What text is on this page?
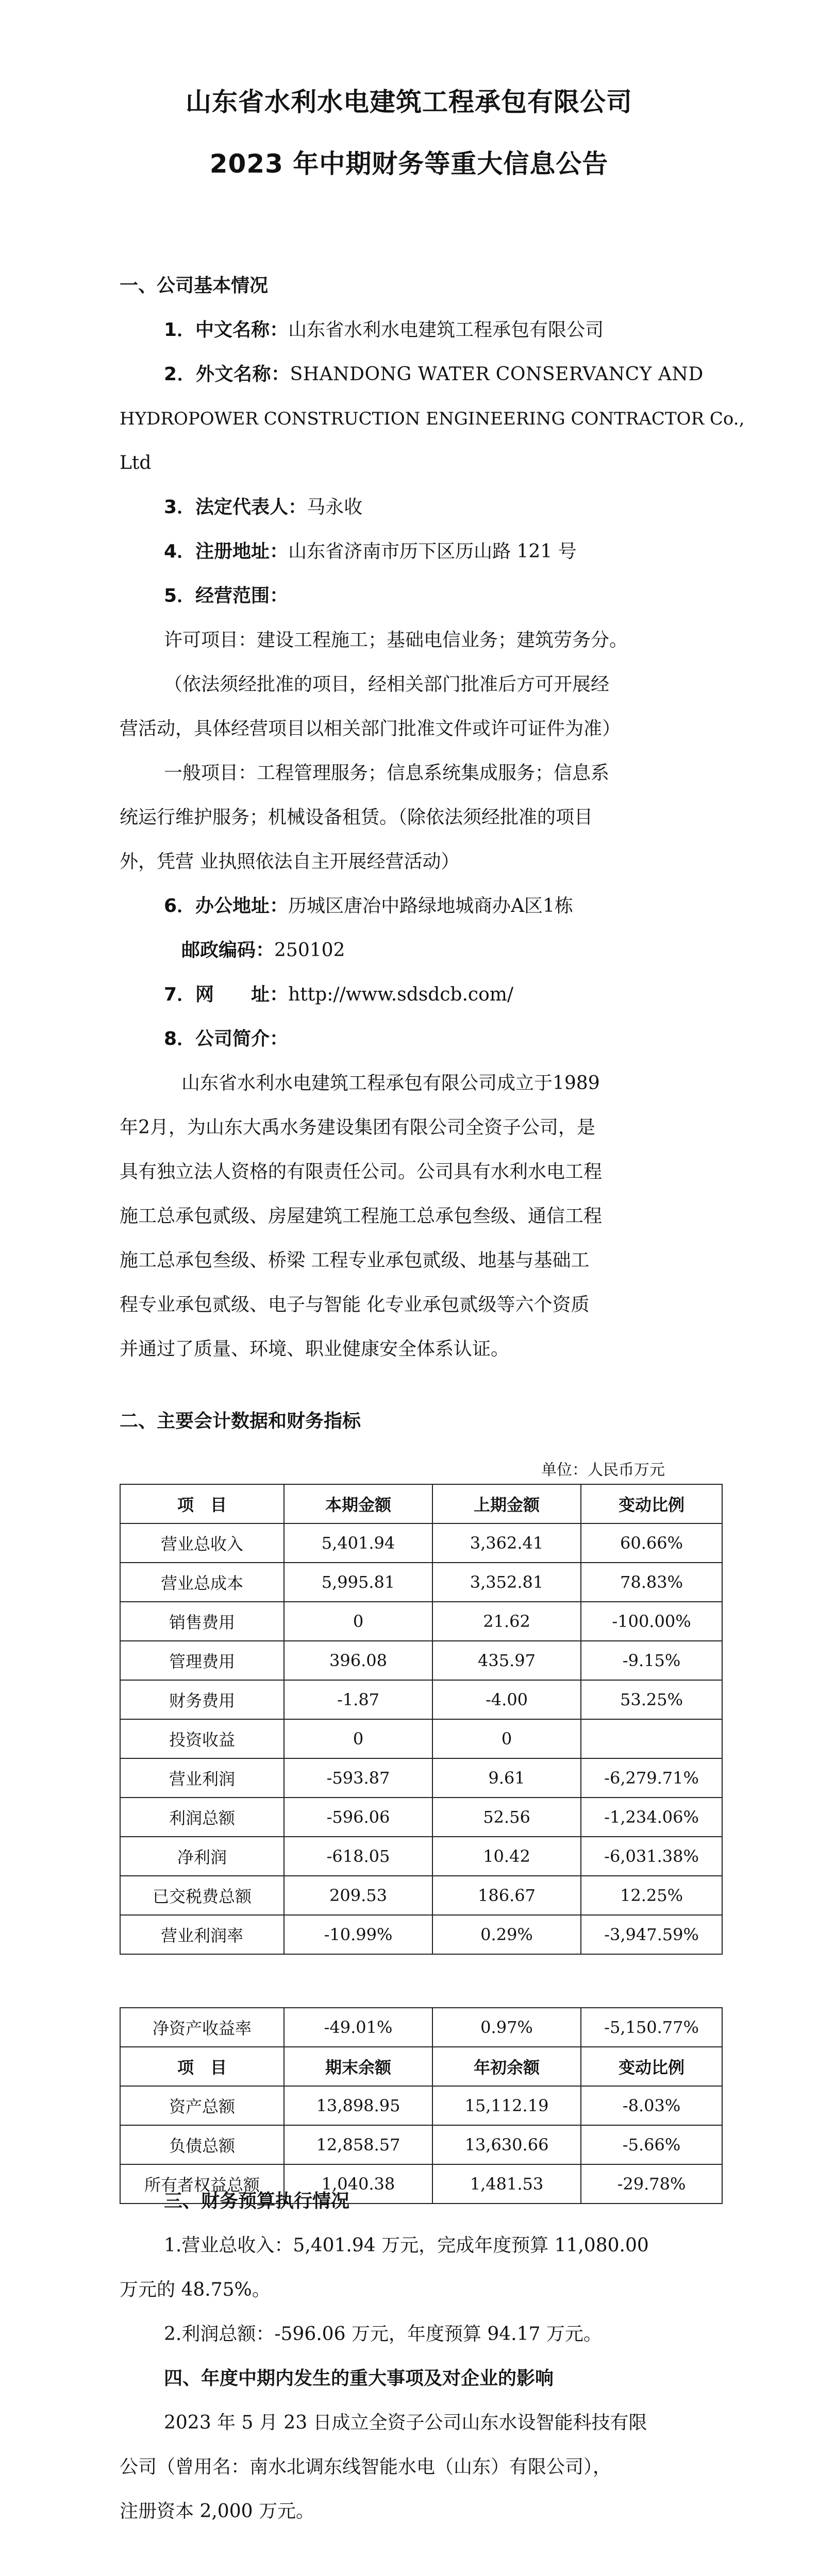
山东省水利水电建筑工程承包有限公司
2023 年中期财务等重大信息公告
一、公司基本情况
1．中文名称：山东省水利水电建筑工程承包有限公司
2．外文名称：SHANDONG WATER CONSERVANCY AND
HYDROPOWER CONSTRUCTION ENGINEERING CONTRACTOR Co.,
Ltd
3．法定代表人：马永收
4．注册地址：山东省济南市历下区历山路 121 号
5．经营范围：
许可项目：建设工程施工；基础电信业务；建筑劳务分。
（依法须经批准的项目，经相关部门批准后方可开展经
营活动，具体经营项目以相关部门批准文件或许可证件为准）
一般项目：工程管理服务；信息系统集成服务；信息系
统运行维护服务；机械设备租赁。（除依法须经批准的项目
外，凭营 业执照依法自主开展经营活动）
6．办公地址：历城区唐冶中路绿地城商办A区1栋
邮政编码：250102
7．网　　址：http://www.sdsdcb.com/
8．公司简介：
山东省水利水电建筑工程承包有限公司成立于1989
年2月，为山东大禹水务建设集团有限公司全资子公司，是
具有独立法人资格的有限责任公司。公司具有水利水电工程
施工总承包贰级、房屋建筑工程施工总承包叁级、通信工程
施工总承包叁级、桥梁 工程专业承包贰级、地基与基础工
程专业承包贰级、电子与智能 化专业承包贰级等六个资质
并通过了质量、环境、职业健康安全体系认证。
二、主要会计数据和财务指标
单位：人民币万元
项　目	本期金额	上期金额	变动比例
营业总收入	5,401.94	3,362.41	60.66%
营业总成本	5,995.81	3,352.81	78.83%
销售费用	0	21.62	-100.00%
管理费用	396.08	435.97	-9.15%
财务费用	-1.87	-4.00	53.25%
投资收益	0	0	
营业利润	-593.87	9.61	-6,279.71%
利润总额	-596.06	52.56	-1,234.06%
净利润	-618.05	10.42	-6,031.38%
已交税费总额	209.53	186.67	12.25%
营业利润率	-10.99%	0.29%	-3,947.59%
净资产收益率	-49.01%	0.97%	-5,150.77%
项　目	期末余额	年初余额	变动比例
资产总额	13,898.95	15,112.19	-8.03%
负债总额	12,858.57	13,630.66	-5.66%
所有者权益总额	1,040.38	1,481.53	-29.78%
三、财务预算执行情况
1.营业总收入：5,401.94 万元，完成年度预算 11,080.00
万元的 48.75%。
2.利润总额：-596.06 万元，年度预算 94.17 万元。
四、年度中期内发生的重大事项及对企业的影响
2023 年 5 月 23 日成立全资子公司山东水设智能科技有限
公司（曾用名：南水北调东线智能水电（山东）有限公司），
注册资本 2,000 万元。
